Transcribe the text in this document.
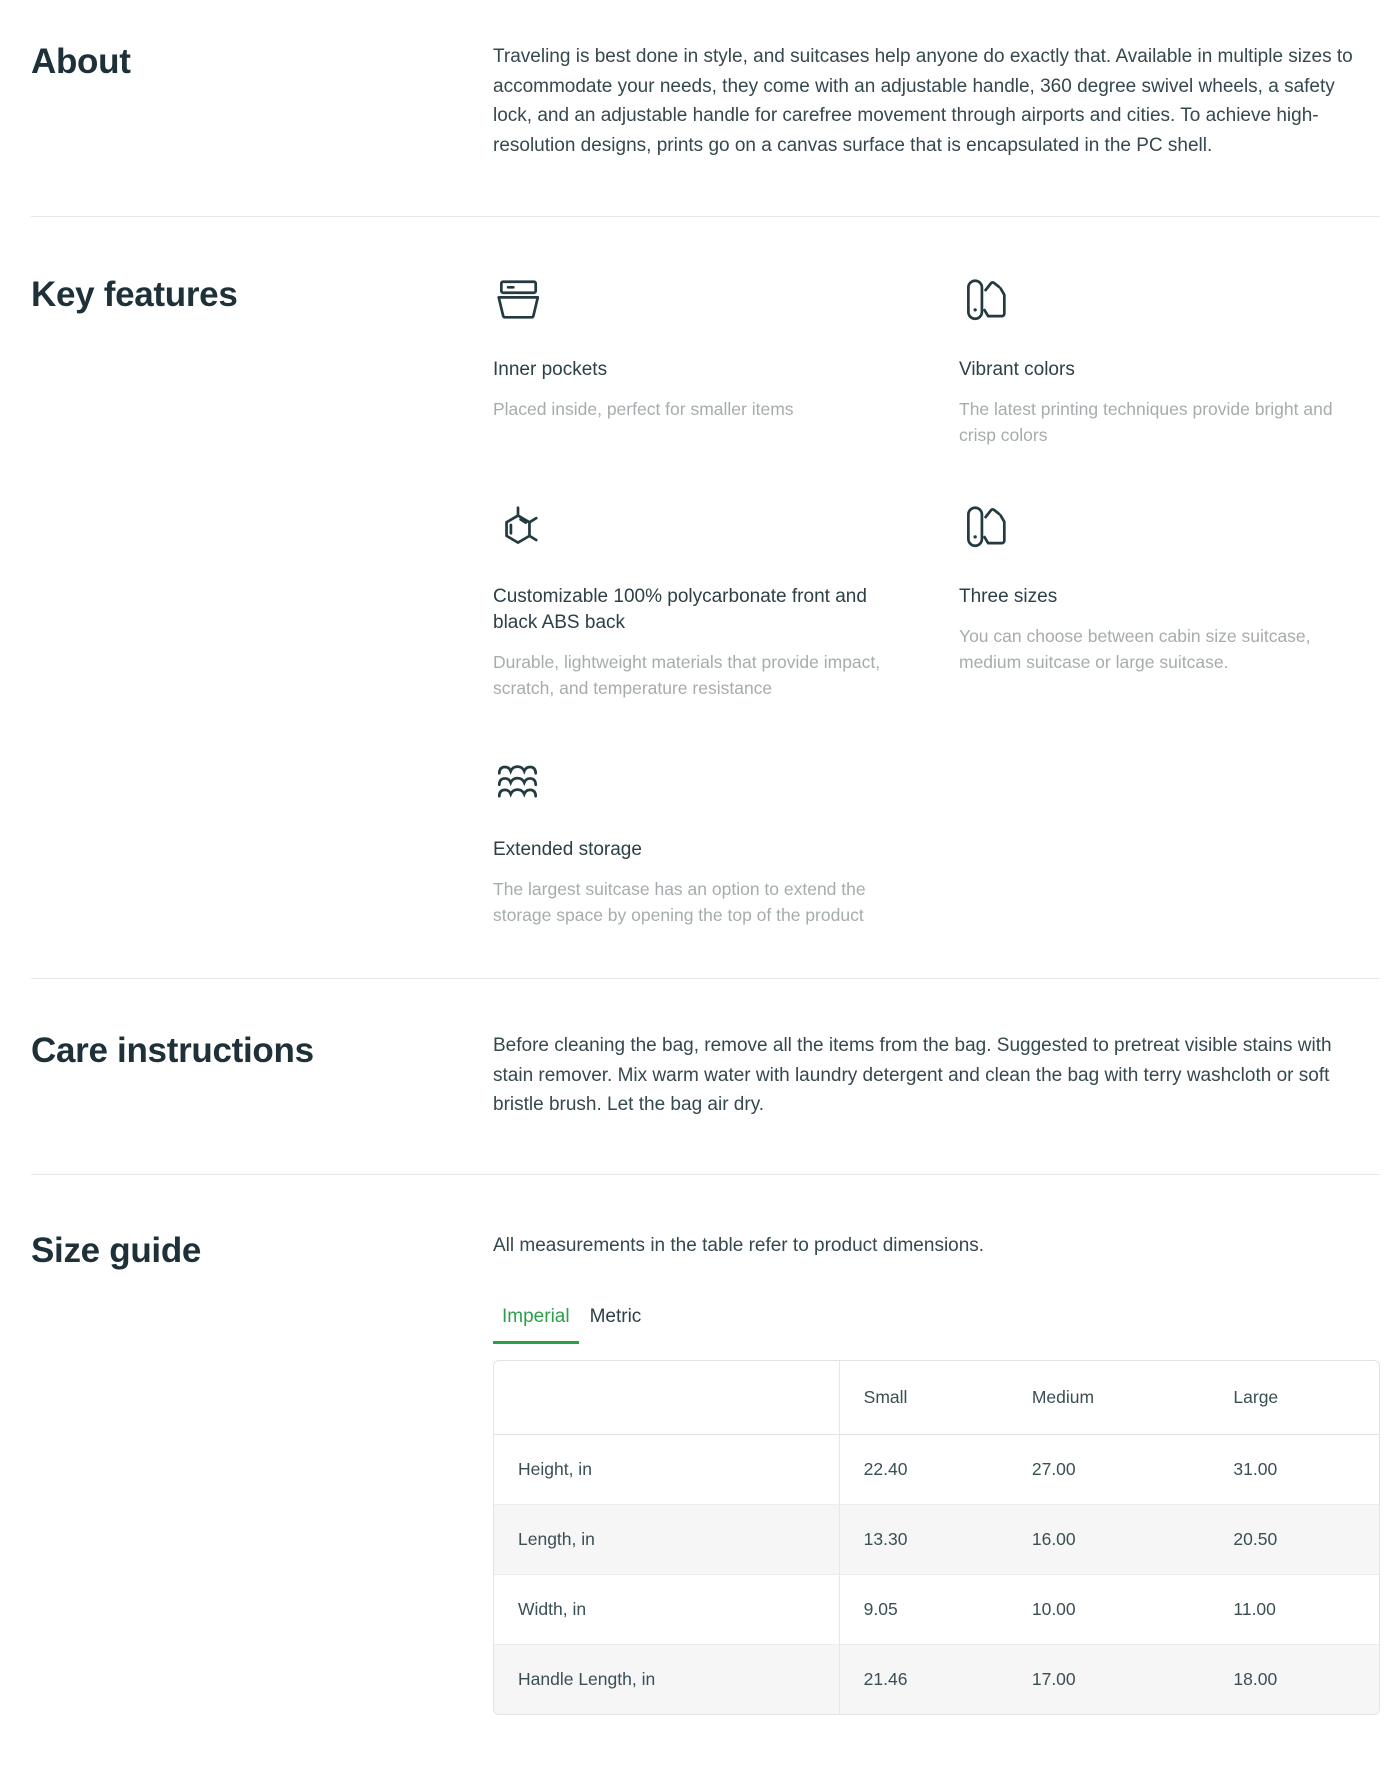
About	Traveling is best done in style, and suitcases help anyone do exactly that. Available in multiple sizes to accommodate your needs, they come with an adjustable handle, 360 degree swivel wheels, a safety lock, and an adjustable handle for carefree movement through airports and cities. To achieve high-resolution designs, prints go on a canvas surface that is encapsulated in the PC shell.

Key features
Inner pockets
Placed inside, perfect for smaller items
Vibrant colors
The latest printing techniques provide bright and crisp colors
Customizable 100% polycarbonate front and black ABS back
Durable, lightweight materials that provide impact, scratch, and temperature resistance
Three sizes
You can choose between cabin size suitcase, medium suitcase or large suitcase.
Extended storage
The largest suitcase has an option to extend the storage space by opening the top of the product
Care instructions	Before cleaning the bag, remove all the items from the bag. Suggested to pretreat visible stains with stain remover. Mix warm water with laundry detergent and clean the bag with terry washcloth or soft bristle brush. Let the bag air dry.

Size guide	All measurements in the table refer to product dimensions.

Imperial	Metric
	Small	Medium	Large
Height, in	22.40	27.00	31.00
Length, in	13.30	16.00	20.50
Width, in	9.05	10.00	11.00
Handle Length, in	21.46	17.00	18.00
